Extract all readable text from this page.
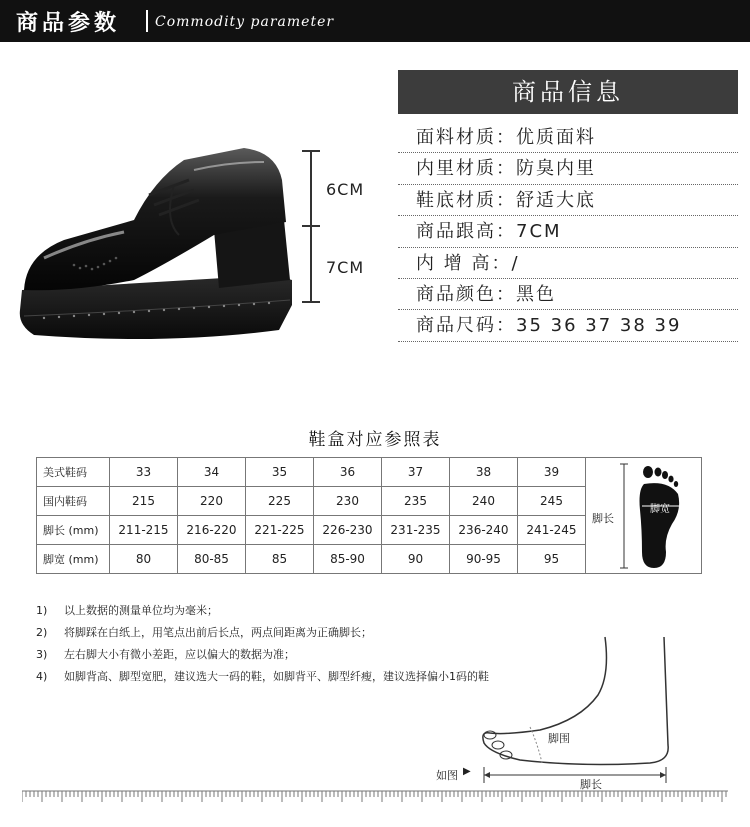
商品参数 Commodity parameter
6CM
7CM
商品信息
面料材质：优质面料
内里材质：防臭内里
鞋底材质：舒适大底
商品跟高：7CM
内 增 高：/
商品颜色：黑色
商品尺码：35 36 37 38 39
鞋盒对应参照表
美式鞋码	33	34	35	36	37	38	39	脚长
脚宽

国内鞋码	215	220	225	230	235	240	245	
脚长 (mm)	211-215	216-220	221-225	226-230	231-235	236-240	241-245	
脚宽 (mm)	80	80-85	85	85-90	90	90-95	95	
1) 以上数据的测量单位均为毫米；
2) 将脚踩在白纸上，用笔点出前后长点，两点间距离为正确脚长；
3) 左右脚大小有微小差距，应以偏大的数据为准；
4) 如脚背高、脚型宽肥，建议选大一码的鞋，如脚背平、脚型纤瘦，建议选择偏小1码的鞋
脚围
如图 ▶
脚长
